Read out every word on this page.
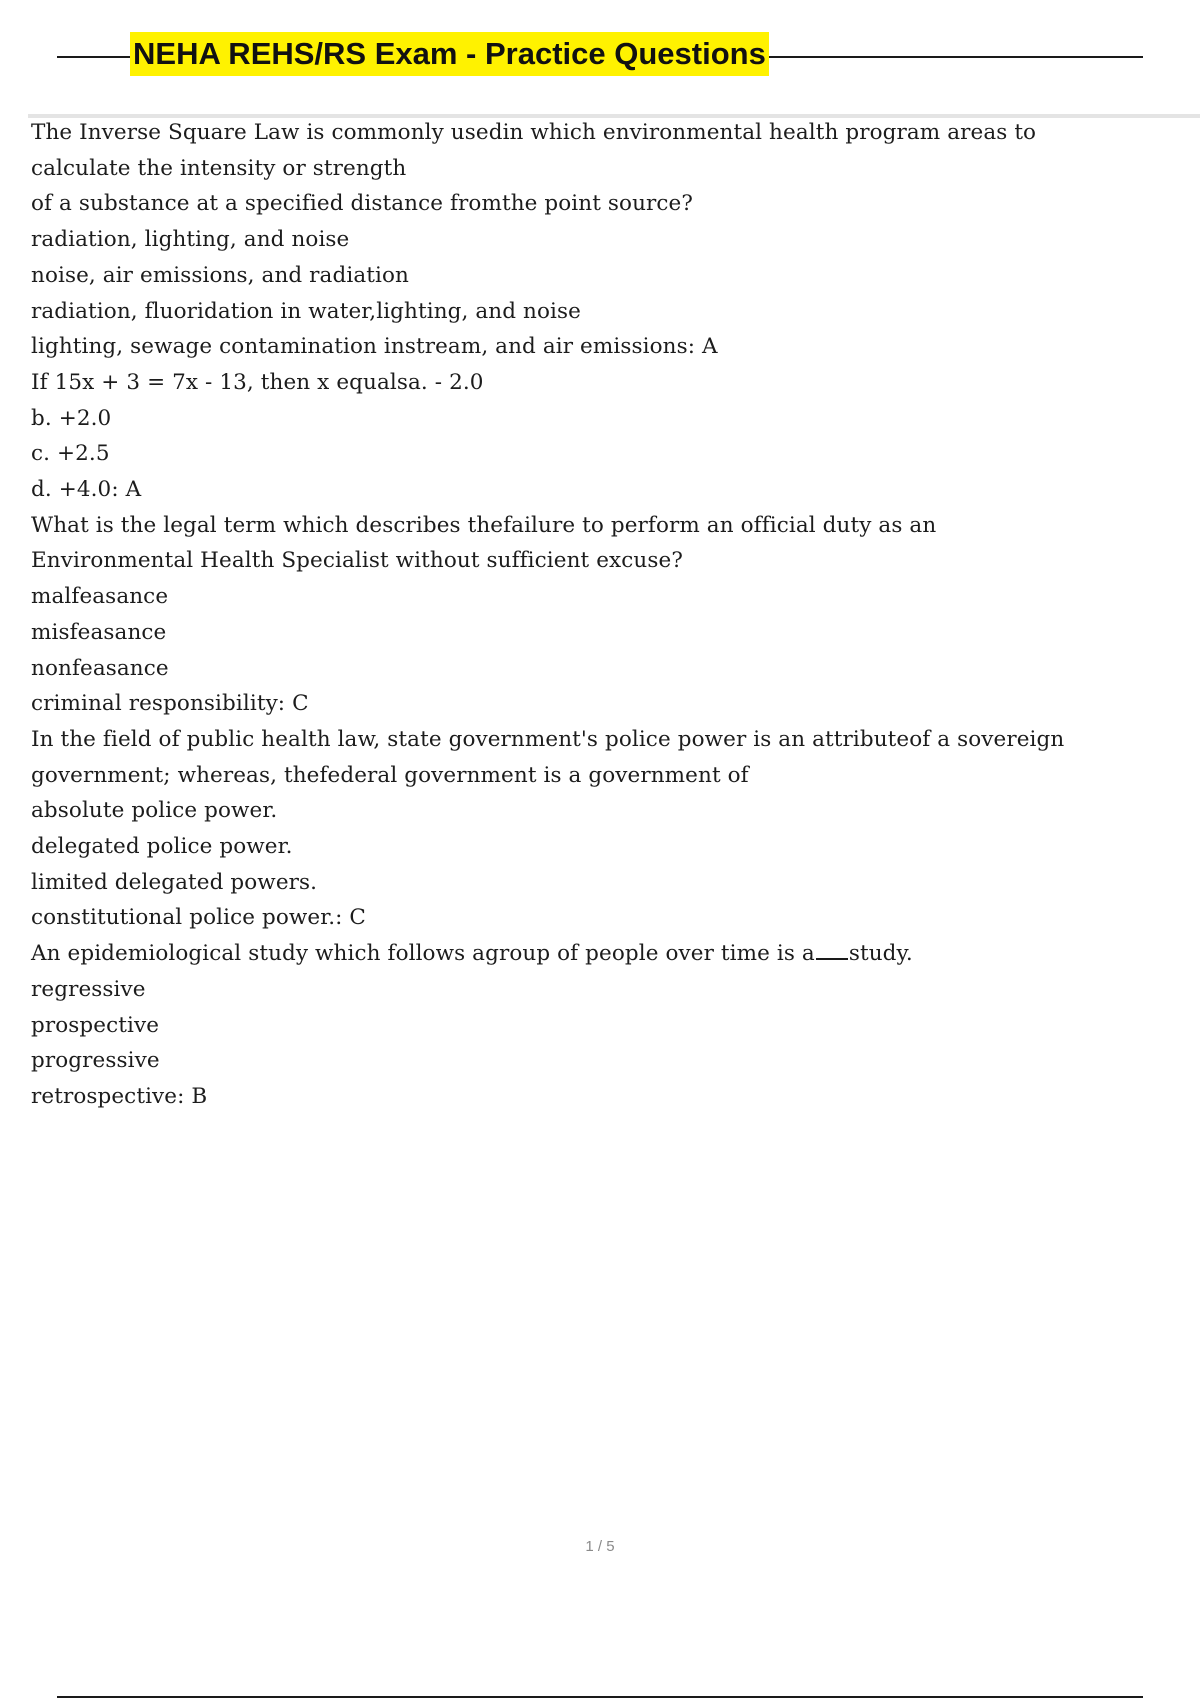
NEHA REHS/RS Exam - Practice Questions
The Inverse Square Law is commonly usedin which environmental health program areas to
calculate the intensity or strength
of a substance at a specified distance fromthe point source?
radiation, lighting, and noise
noise, air emissions, and radiation
radiation, fluoridation in water,lighting, and noise
lighting, sewage contamination instream, and air emissions: A
If 15x + 3 = 7x - 13, then x equalsa. - 2.0
b. +2.0
c. +2.5
d. +4.0: A
What is the legal term which describes thefailure to perform an official duty as an
Environmental Health Specialist without sufficient excuse?
malfeasance
misfeasance
nonfeasance
criminal responsibility: C
In the field of public health law, state government's police power is an attributeof a sovereign
government; whereas, thefederal government is a government of
absolute police power.
delegated police power.
limited delegated powers.
constitutional police power.: C
An epidemiological study which follows agroup of people over time is a study.
regressive
prospective
progressive
retrospective: B
1 / 5
